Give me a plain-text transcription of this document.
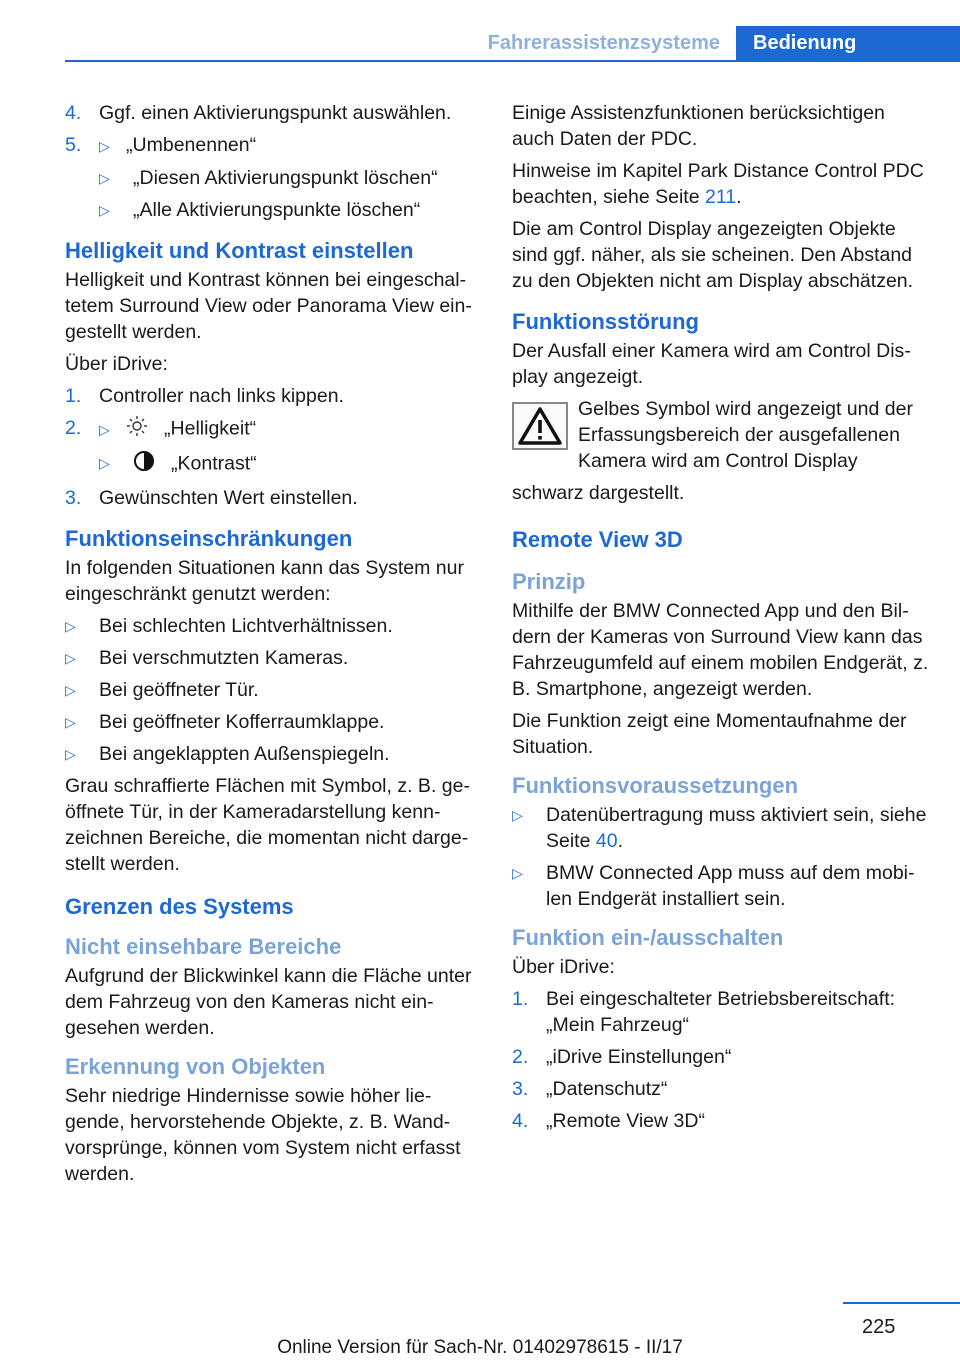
Fahrerassistenzsysteme	Bedienung
4. Ggf. einen Aktivierungspunkt auswählen.
5. ▷ „Umbenennen“
▷ „Diesen Aktivierungspunkt löschen“
▷ „Alle Aktivierungspunkte löschen“
Helligkeit und Kontrast einstellen

Helligkeit und Kontrast können bei eingeschaltetem Surround View oder Panorama View eingestellt werden.

Über iDrive:

1. Controller nach links kippen.
2. ▷	„Helligkeit“
▷	„Kontrast“
3. Gewünschten Wert einstellen.
Funktionseinschränkungen

In folgenden Situationen kann das System nur eingeschränkt genutzt werden:

▷ Bei schlechten Lichtverhältnissen.
▷ Bei verschmutzten Kameras.
▷ Bei geöffneter Tür.
▷ Bei geöffneter Kofferraumklappe.
▷ Bei angeklappten Außenspiegeln.

Grau schraffierte Flächen mit Symbol, z. B. geöffnete Tür, in der Kameradarstellung kennzeichnen Bereiche, die momentan nicht dargestellt werden.

Grenzen des Systems
Nicht einsehbare Bereiche

Aufgrund der Blickwinkel kann die Fläche unter dem Fahrzeug von den Kameras nicht eingesehen werden.

Erkennung von Objekten

Sehr niedrige Hindernisse sowie höher liegende, hervorstehende Objekte, z. B. Wandvorsprünge, können vom System nicht erfasst werden.

Einige Assistenzfunktionen berücksichtigen auch Daten der PDC.

Hinweise im Kapitel Park Distance Control PDC beachten, siehe Seite 211.

Die am Control Display angezeigten Objekte sind ggf. näher, als sie scheinen. Den Abstand zu den Objekten nicht am Display abschätzen.

Funktionsstörung

Der Ausfall einer Kamera wird am Control Display angezeigt.

Gelbes Symbol wird angezeigt und der Erfassungsbereich der ausgefallenen Kamera wird am Control Display

schwarz dargestellt.

Remote View 3D
Prinzip

Mithilfe der BMW Connected App und den Bildern der Kameras von Surround View kann das Fahrzeugumfeld auf einem mobilen Endgerät, z. B. Smartphone, angezeigt werden.

Die Funktion zeigt eine Momentaufnahme der Situation.

Funktionsvoraussetzungen
▷ Datenübertragung muss aktiviert sein, siehe Seite 40.
▷ BMW Connected App muss auf dem mobilen Endgerät installiert sein.
Funktion ein-/ausschalten

Über iDrive:

1. Bei eingeschalteter Betriebsbereitschaft: „Mein Fahrzeug“
2. „iDrive Einstellungen“
3. „Datenschutz“
4. „Remote View 3D“
225
Online Version für Sach-Nr. 01402978615 - II/17
